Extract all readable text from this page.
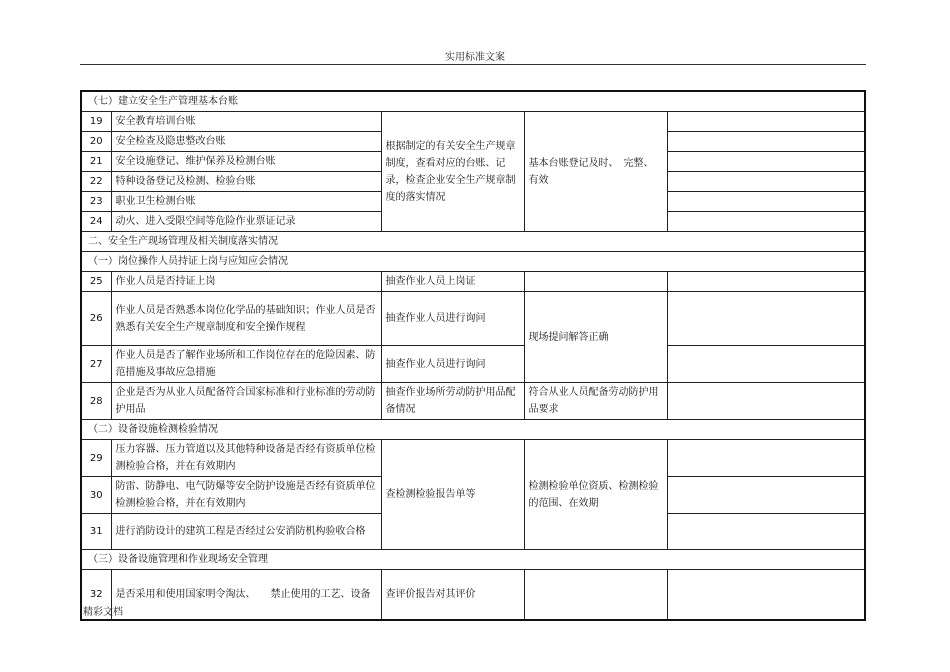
实用标准文案
（七）建立安全生产管理基本台账				
19	安全教育培训台账	根据制定的有关安全生产规章制度，查看对应的台账、记录，检查企业安全生产规章制度的落实情况	基本台账登记及时、　完整、有效	
20	安全检查及隐患整改台账			
21	安全设施登记、维护保养及检测台账			
22	特种设备登记及检测、检验台账			
23	职业卫生检测台账			
24	动火、进入受限空间等危险作业票证记录			
二、安全生产现场管理及相关制度落实情况				
（一）岗位操作人员持证上岗与应知应会情况				
25	作业人员是否持证上岗	抽查作业人员上岗证		
26	作业人员是否熟悉本岗位化学品的基础知识；作业人员是否熟悉有关安全生产规章制度和安全操作规程	抽查作业人员进行询问	现场提问解答正确	
27	作业人员是否了解作业场所和工作岗位存在的危险因素、防范措施及事故应急措施	抽查作业人员进行询问		
28	企业是否为从业人员配备符合国家标准和行业标准的劳动防护用品	抽查作业场所劳动防护用品配备情况	符合从业人员配备劳动防护用品要求	
（二）设备设施检测检验情况				
29	压力容器、压力管道以及其他特种设备是否经有资质单位检测检验合格，并在有效期内	查检测检验报告单等	检测检验单位资质、检测检验的范围、在效期	
30	防雷、防静电、电气防爆等安全防护设施是否经有资质单位检测检验合格，并在有效期内			
31	进行消防设计的建筑工程是否经过公安消防机构验收合格			
（三）设备设施管理和作业现场安全管理				
32	是否采用和使用国家明令淘汰、　　禁止使用的工艺、设备	查评价报告对其评价		
精彩文档
